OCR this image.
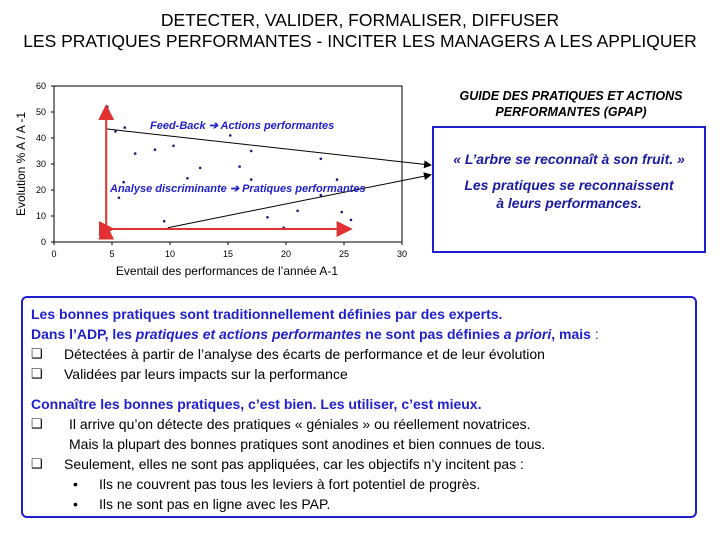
DETECTER, VALIDER, FORMALISER, DIFFUSER
LES PRATIQUES PERFORMANTES - INCITER LES MANAGERS A LES APPLIQUER
0	5	10	15	20	25	30
0
10
20
30
40
50
60
Feed-Back ➔ Actions performantes
Analyse discriminante ➔ Pratiques performantes
Eventail des performances de l’année A-1
Evolution % A / A -1
GUIDE DES PRATIQUES ET ACTIONS PERFORMANTES (GPAP)
« L’arbre se reconnaît à son fruit. »
Les pratiques se reconnaissent
à leurs performances.
Les bonnes pratiques sont traditionnellement définies par des experts.
Dans l’ADP, les pratiques et actions performantes ne sont pas définies a priori, mais :
❑	Détectées à partir de l’analyse des écarts de performance et de leur évolution
❑	Validées par leurs impacts sur la performance
Connaître les bonnes pratiques, c’est bien. Les utiliser, c’est mieux.
❑	Il arrive qu’on détecte des pratiques « géniales » ou réellement novatrices.
Mais la plupart des bonnes pratiques sont anodines et bien connues de tous.
❑	Seulement, elles ne sont pas appliquées, car les objectifs n’y incitent pas :
•	Ils ne couvrent pas tous les leviers à fort potentiel de progrès.
•	Ils ne sont pas en ligne avec les PAP.
